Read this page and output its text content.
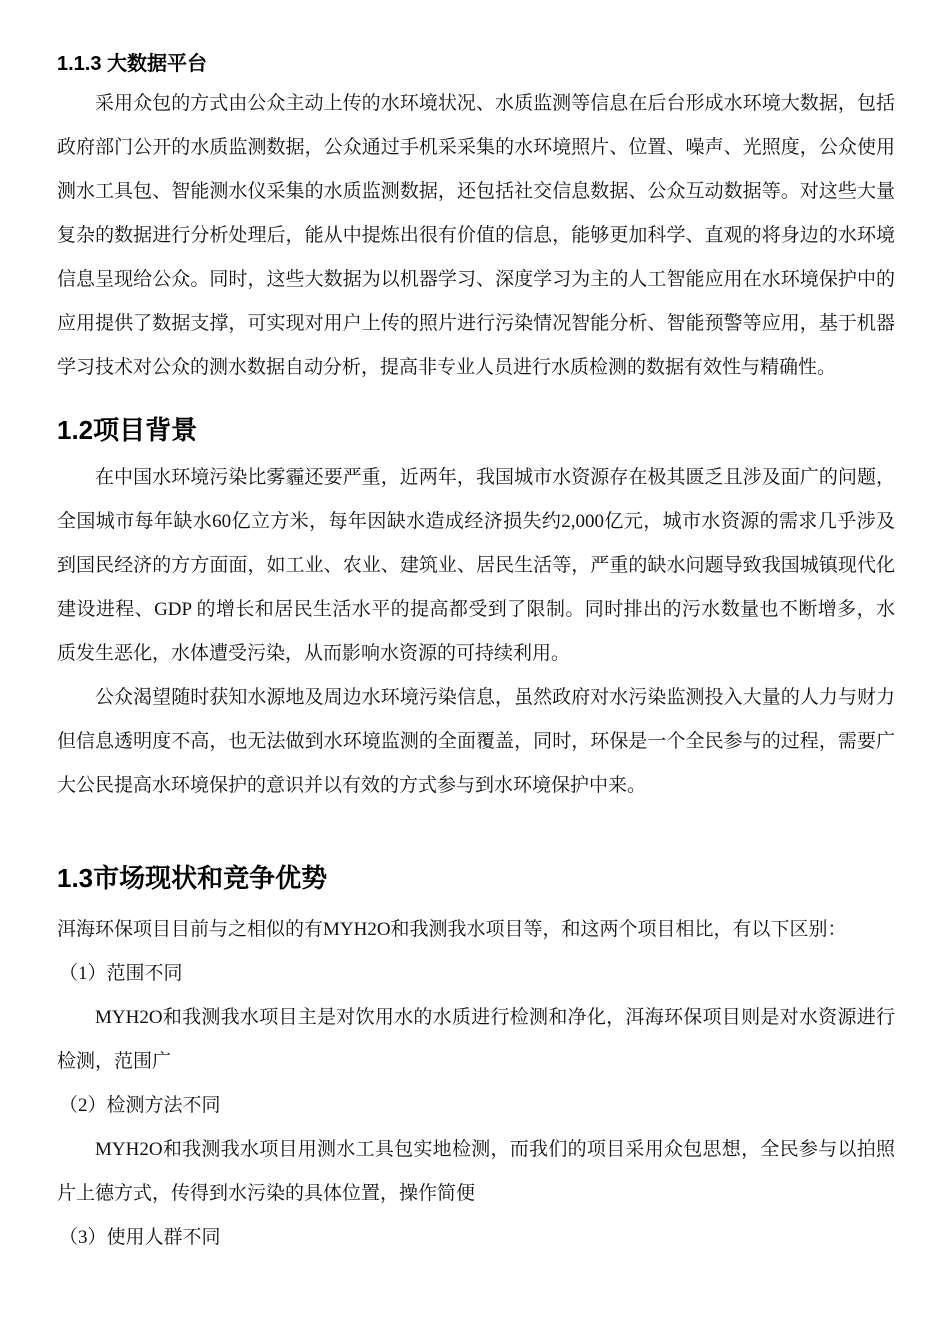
1.1.3 大数据平台
采用众包的方式由公众主动上传的水环境状况、水质监测等信息在后台形成水环境大数据，包括政府部门公开的水质监测数据，公众通过手机采采集的水环境照片、位置、噪声、光照度，公众使用测水工具包、智能测水仪采集的水质监测数据，还包括社交信息数据、公众互动数据等。对这些大量复杂的数据进行分析处理后，能从中提炼出很有价值的信息，能够更加科学、直观的将身边的水环境信息呈现给公众。同时，这些大数据为以机器学习、深度学习为主的人工智能应用在水环境保护中的应用提供了数据支撑，可实现对用户上传的照片进行污染情况智能分析、智能预警等应用，基于机器学习技术对公众的测水数据自动分析，提高非专业人员进行水质检测的数据有效性与精确性。
1.2项目背景
在中国水环境污染比雾霾还要严重，近两年，我国城市水资源存在极其匮乏且涉及面广的问题，全国城市每年缺水60亿立方米，每年因缺水造成经济损失约2,000亿元，城市水资源的需求几乎涉及到国民经济的方方面面，如工业、农业、建筑业、居民生活等，严重的缺水问题导致我国城镇现代化建设进程、GDP 的增长和居民生活水平的提高都受到了限制。同时排出的污水数量也不断增多，水质发生恶化，水体遭受污染，从而影响水资源的可持续利用。
公众渴望随时获知水源地及周边水环境污染信息，虽然政府对水污染监测投入大量的人力与财力但信息透明度不高，也无法做到水环境监测的全面覆盖，同时，环保是一个全民参与的过程，需要广大公民提高水环境保护的意识并以有效的方式参与到水环境保护中来。
1.3市场现状和竞争优势
洱海环保项目目前与之相似的有MYH2O和我测我水项目等，和这两个项目相比，有以下区别：
（1）范围不同
MYH2O和我测我水项目主是对饮用水的水质进行检测和净化，洱海环保项目则是对水资源进行检测，范围广
（2）检测方法不同
MYH2O和我测我水项目用测水工具包实地检测，而我们的项目采用众包思想，全民参与以拍照片上德方式，传得到水污染的具体位置，操作简便
（3）使用人群不同
